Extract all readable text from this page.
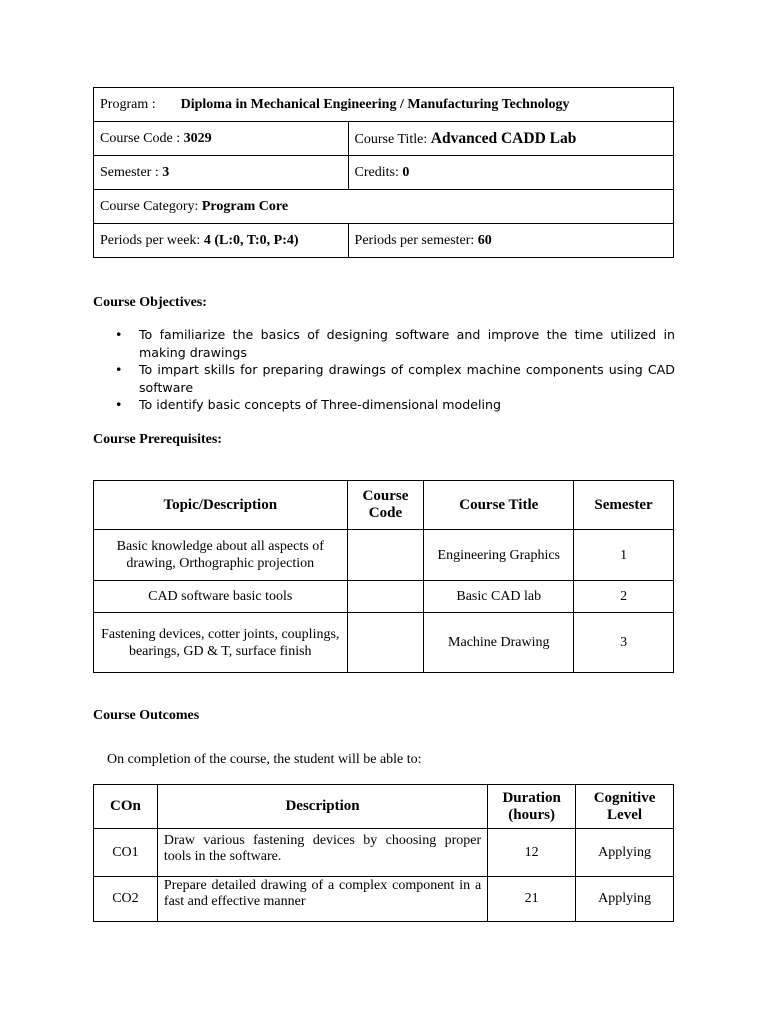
Program : Diploma in Mechanical Engineering / Manufacturing Technology	
Course Code : 3029	Course Title: Advanced CADD Lab
Semester : 3	Credits: 0
Course Category: Program Core	
Periods per week: 4 (L:0, T:0, P:4)	Periods per semester: 60
Course Objectives:
• To familiarize the basics of designing software and improve the time utilized in making drawings
• To impart skills for preparing drawings of complex machine components using CAD software
• To identify basic concepts of Three-dimensional modeling
Course Prerequisites:
Topic/Description	Course Code	Course Title	Semester
Basic knowledge about all aspects of drawing, Orthographic projection		Engineering Graphics	1
CAD software basic tools		Basic CAD lab	2
Fastening devices, cotter joints, couplings, bearings, GD & T, surface finish		Machine Drawing	3
Course Outcomes
On completion of the course, the student will be able to:
COn	Description	Duration (hours)	Cognitive Level
CO1	Draw various fastening devices by choosing proper tools in the software.	12	Applying
CO2	Prepare detailed drawing of a complex component in a fast and effective manner	21	Applying
